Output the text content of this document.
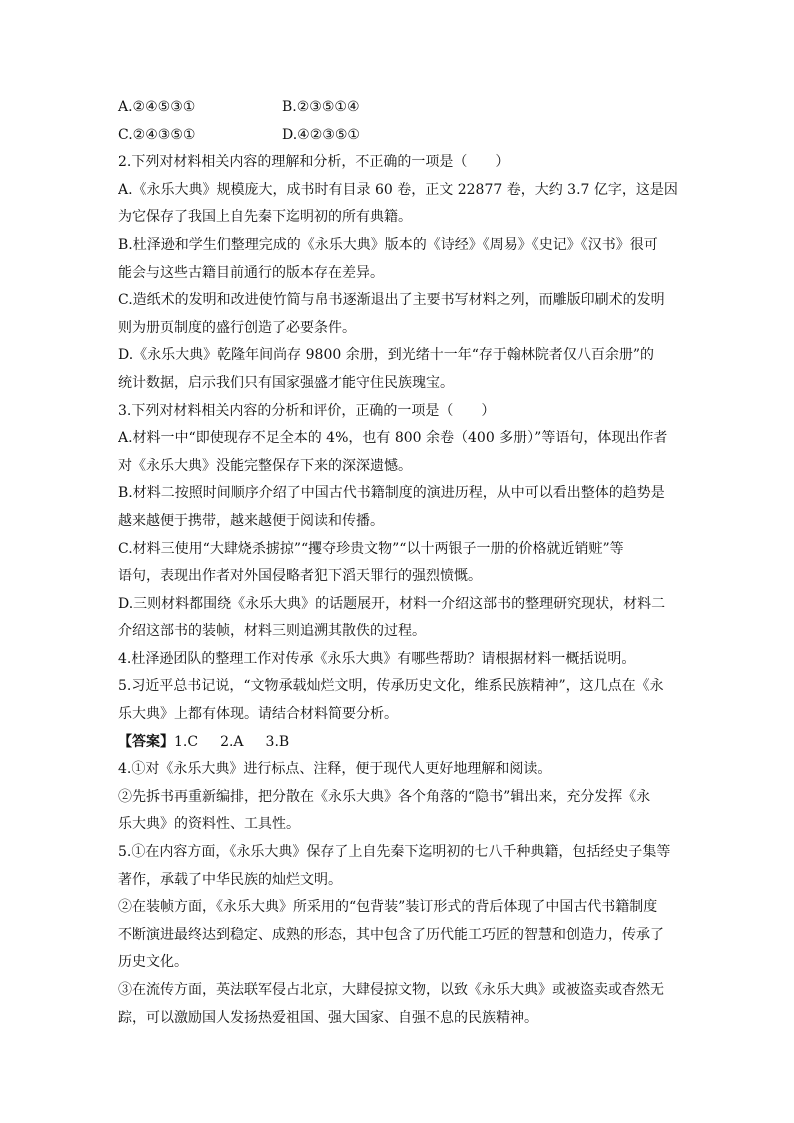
A.②④⑤③①	B.②③⑤①④
C.②④③⑤①	D.④②③⑤①
2.下列对材料相关内容的理解和分析，不正确的一项是（　　）
A.《永乐大典》规模庞大，成书时有目录 60 卷，正文 22877 卷，大约 3.7 亿字，这是因
为它保存了我国上自先秦下迄明初的所有典籍。
B.杜泽逊和学生们整理完成的《永乐大典》版本的《诗经》《周易》《史记》《汉书》很可
能会与这些古籍目前通行的版本存在差异。
C.造纸术的发明和改进使竹简与帛书逐渐退出了主要书写材料之列，而雕版印刷术的发明
则为册页制度的盛行创造了必要条件。
D.《永乐大典》乾隆年间尚存 9800 余册，到光绪十一年“存于翰林院者仅八百余册”的
统计数据，启示我们只有国家强盛才能守住民族瑰宝。
3.下列对材料相关内容的分析和评价，正确的一项是（　　）
A.材料一中“即使现存不足全本的 4%，也有 800 余卷（400 多册）”等语句，体现出作者
对《永乐大典》没能完整保存下来的深深遗憾。
B.材料二按照时间顺序介绍了中国古代书籍制度的演进历程，从中可以看出整体的趋势是
越来越便于携带，越来越便于阅读和传播。
C.材料三使用“大肆烧杀掳掠”“攫夺珍贵文物”“以十两银子一册的价格就近销赃”等
语句，表现出作者对外国侵略者犯下滔天罪行的强烈愤慨。
D.三则材料都围绕《永乐大典》的话题展开，材料一介绍这部书的整理研究现状，材料二
介绍这部书的装帧，材料三则追溯其散佚的过程。
4.杜泽逊团队的整理工作对传承《永乐大典》有哪些帮助？请根据材料一概括说明。
5.习近平总书记说，“文物承载灿烂文明，传承历史文化，维系民族精神”，这几点在《永
乐大典》上都有体现。请结合材料简要分析。
【答案】1.C 2.A 3.B
4.①对《永乐大典》进行标点、注释，便于现代人更好地理解和阅读。
②先拆书再重新编排，把分散在《永乐大典》各个角落的“隐书”辑出来，充分发挥《永
乐大典》的资料性、工具性。
5.①在内容方面，《永乐大典》保存了上自先秦下迄明初的七八千种典籍，包括经史子集等
著作，承载了中华民族的灿烂文明。
②在装帧方面，《永乐大典》所采用的“包背装”装订形式的背后体现了中国古代书籍制度
不断演进最终达到稳定、成熟的形态，其中包含了历代能工巧匠的智慧和创造力，传承了
历史文化。
③在流传方面，英法联军侵占北京，大肆侵掠文物，以致《永乐大典》或被盗卖或杳然无
踪，可以激励国人发扬热爱祖国、强大国家、自强不息的民族精神。
